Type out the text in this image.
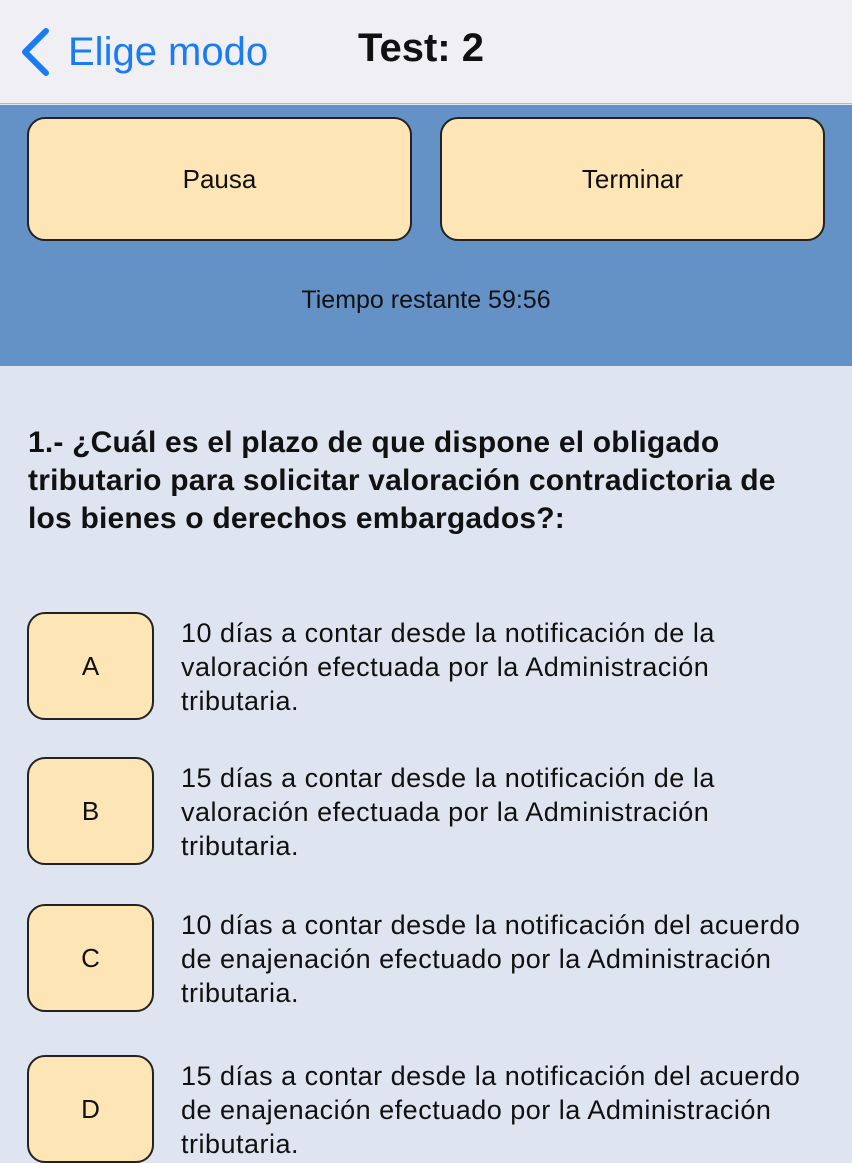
Elige modo Test: 2
Pausa	Terminar
Tiempo restante 59:56
1.- ¿Cuál es el plazo de que dispone el obligado tributario para solicitar valoración contradictoria de los bienes o derechos embargados?:
A
10 días a contar desde la notificación de la valoración efectuada por la Administración tributaria.
B
15 días a contar desde la notificación de la valoración efectuada por la Administración tributaria.
C
10 días a contar desde la notificación del acuerdo de enajenación efectuado por la Administración tributaria.
D
15 días a contar desde la notificación del acuerdo de enajenación efectuado por la Administración tributaria.
